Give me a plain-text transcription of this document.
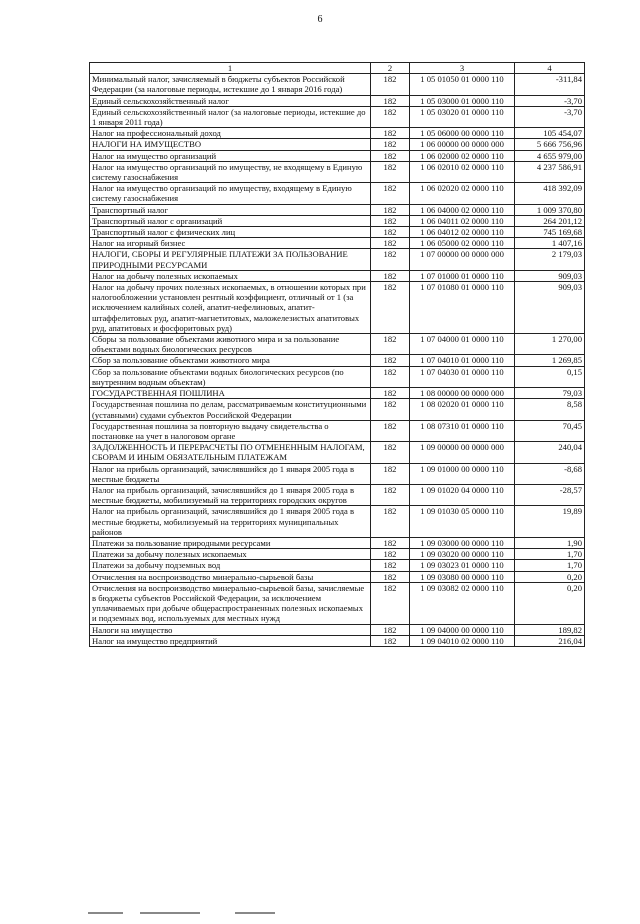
6
1	2	3	4
Минимальный налог, зачисляемый в бюджеты субъектов Российской Федерации (за налоговые периоды, истекшие до 1 января 2016 года)	182	1 05 01050 01 0000 110	-311,84
Единый сельскохозяйственный налог	182	1 05 03000 01 0000 110	-3,70
Единый сельскохозяйственный налог (за налоговые периоды, истекшие до 1 января 2011 года)	182	1 05 03020 01 0000 110	-3,70
Налог на профессиональный доход	182	1 05 06000 00 0000 110	105 454,07
НАЛОГИ НА ИМУЩЕСТВО	182	1 06 00000 00 0000 000	5 666 756,96
Налог на имущество организаций	182	1 06 02000 02 0000 110	4 655 979,00
Налог на имущество организаций по имуществу, не входящему в Единую систему газоснабжения	182	1 06 02010 02 0000 110	4 237 586,91
Налог на имущество организаций по имуществу, входящему в Единую систему газоснабжения	182	1 06 02020 02 0000 110	418 392,09
Транспортный налог	182	1 06 04000 02 0000 110	1 009 370,80
Транспортный налог с организаций	182	1 06 04011 02 0000 110	264 201,12
Транспортный налог с физических лиц	182	1 06 04012 02 0000 110	745 169,68
Налог на игорный бизнес	182	1 06 05000 02 0000 110	1 407,16
НАЛОГИ, СБОРЫ И РЕГУЛЯРНЫЕ ПЛАТЕЖИ ЗА ПОЛЬЗОВАНИЕ ПРИРОДНЫМИ РЕСУРСАМИ	182	1 07 00000 00 0000 000	2 179,03
Налог на добычу полезных ископаемых	182	1 07 01000 01 0000 110	909,03
Налог на добычу прочих полезных ископаемых, в отношении которых при налогообложении установлен рентный коэффициент, отличный от 1 (за исключением калийных солей, апатит-нефелиновых, апатит-штаффелитовых руд, апатит-магнетитовых, маложелезистых апатитовых руд, апатитовых и фосфоритовых руд)	182	1 07 01080 01 0000 110	909,03
Сборы за пользование объектами животного мира и за пользование объектами водных биологических ресурсов	182	1 07 04000 01 0000 110	1 270,00
Сбор за пользование объектами животного мира	182	1 07 04010 01 0000 110	1 269,85
Сбор за пользование объектами водных биологических ресурсов (по внутренним водным объектам)	182	1 07 04030 01 0000 110	0,15
ГОСУДАРСТВЕННАЯ ПОШЛИНА	182	1 08 00000 00 0000 000	79,03
Государственная пошлина по делам, рассматриваемым конституционными (уставными) судами субъектов Российской Федерации	182	1 08 02020 01 0000 110	8,58
Государственная пошлина за повторную выдачу свидетельства о постановке на учет в налоговом органе	182	1 08 07310 01 0000 110	70,45
ЗАДОЛЖЕННОСТЬ И ПЕРЕРАСЧЕТЫ ПО ОТМЕНЕННЫМ НАЛОГАМ, СБОРАМ И ИНЫМ ОБЯЗАТЕЛЬНЫМ ПЛАТЕЖАМ	182	1 09 00000 00 0000 000	240,04
Налог на прибыль организаций, зачислявшийся до 1 января 2005 года в местные бюджеты	182	1 09 01000 00 0000 110	-8,68
Налог на прибыль организаций, зачислявшийся до 1 января 2005 года в местные бюджеты, мобилизуемый на территориях городских округов	182	1 09 01020 04 0000 110	-28,57
Налог на прибыль организаций, зачислявшийся до 1 января 2005 года в местные бюджеты, мобилизуемый на территориях муниципальных районов	182	1 09 01030 05 0000 110	19,89
Платежи за пользование природными ресурсами	182	1 09 03000 00 0000 110	1,90
Платежи за добычу полезных ископаемых	182	1 09 03020 00 0000 110	1,70
Платежи за добычу подземных вод	182	1 09 03023 01 0000 110	1,70
Отчисления на воспроизводство минерально-сырьевой базы	182	1 09 03080 00 0000 110	0,20
Отчисления на воспроизводство минерально-сырьевой базы, зачисляемые в бюджеты субъектов Российской Федерации, за исключением уплачиваемых при добыче общераспространенных полезных ископаемых и подземных вод, используемых для местных нужд	182	1 09 03082 02 0000 110	0,20
Налоги на имущество	182	1 09 04000 00 0000 110	189,82
Налог на имущество предприятий	182	1 09 04010 02 0000 110	216,04
